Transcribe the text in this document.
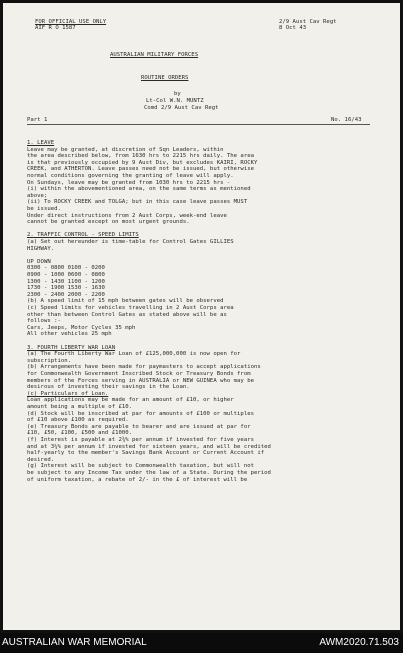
FOR OFFICIAL USE ONLY
AIF R O 1587
2/9 Aust Cav Regt
8 Oct 43
AUSTRALIAN MILITARY FORCES
ROUTINE ORDERS
by
Lt-Col W.N. MUNTZ
Comd 2/9 Aust Cav Regt
Part 1	No. 16/43
1. LEAVE
Leave may be granted, at discretion of Sqn Leaders, within
the area described below, from 1630 hrs to 2215 hrs daily. The area
is that previously occupied by 9 Aust Div, but excludes KAIRI, ROCKY
CREEK, and ATHERTON. Leave passes need not be issued, but otherwise
normal conditions governing the granting of leave will apply.
On Sundays, leave may be granted from 1030 hrs to 2215 hrs -
(i) within the abovementioned area, on the same terms as mentioned
above;
(ii) To ROCKY CREEK and TOLGA; but in this case leave passes MUST
be issued.
Under direct instructions from 2 Aust Corps, week-end leave
cannot be granted except on most urgent grounds.
2. TRAFFIC CONTROL - SPEED LIMITS
(a) Set out hereunder is time-table for Control Gates GILLIES
HIGHWAY.
UP DOWN
0300 - 0800 0100 - 0200
0900 - 1000 0600 - 0800
1300 - 1430 1100 - 1200
1730 - 1900 1530 - 1630
2300 - 2400 2000 - 2200
(b) A speed limit of 15 mph between gates will be observed
(c) Speed limits for vehicles travelling in 2 Aust Corps area
other than between Control Gates as stated above will be as
follows :-
Cars, Jeeps, Motor Cycles 35 mph
All other vehicles 25 mph
3. FOURTH LIBERTY WAR LOAN
(a) The Fourth Liberty War Loan of £125,000,000 is now open for
subscription.
(b) Arrangements have been made for paymasters to accept applications
for Commonwealth Government Inscribed Stock or Treasury Bonds from
members of the Forces serving in AUSTRALIA or NEW GUINEA who may be
desirous of investing their savings in the Loan.
(c) Particulars of Loan.
Loan applications may be made for an amount of £10, or higher
amount being a multiple of £10.
(d) Stock will be inscribed at par for amounts of £100 or multiples
of £10 above £100 as required.
(e) Treasury Bonds are payable to bearer and are issued at par for
£10, £50, £100, £500 and £1000.
(f) Interest is payable at 2¾% per annum if invested for five years
and at 3¼% per annum if invested for sixteen years, and will be credited
half-yearly to the member's Savings Bank Account or Current Account if
desired.
(g) Interest will be subject to Commonwealth taxation, but will not
be subject to any Income Tax under the law of a State. During the period
of uniform taxation, a rebate of 2/- in the £ of interest will be
AUSTRALIAN WAR MEMORIAL	AWM2020.71.503
